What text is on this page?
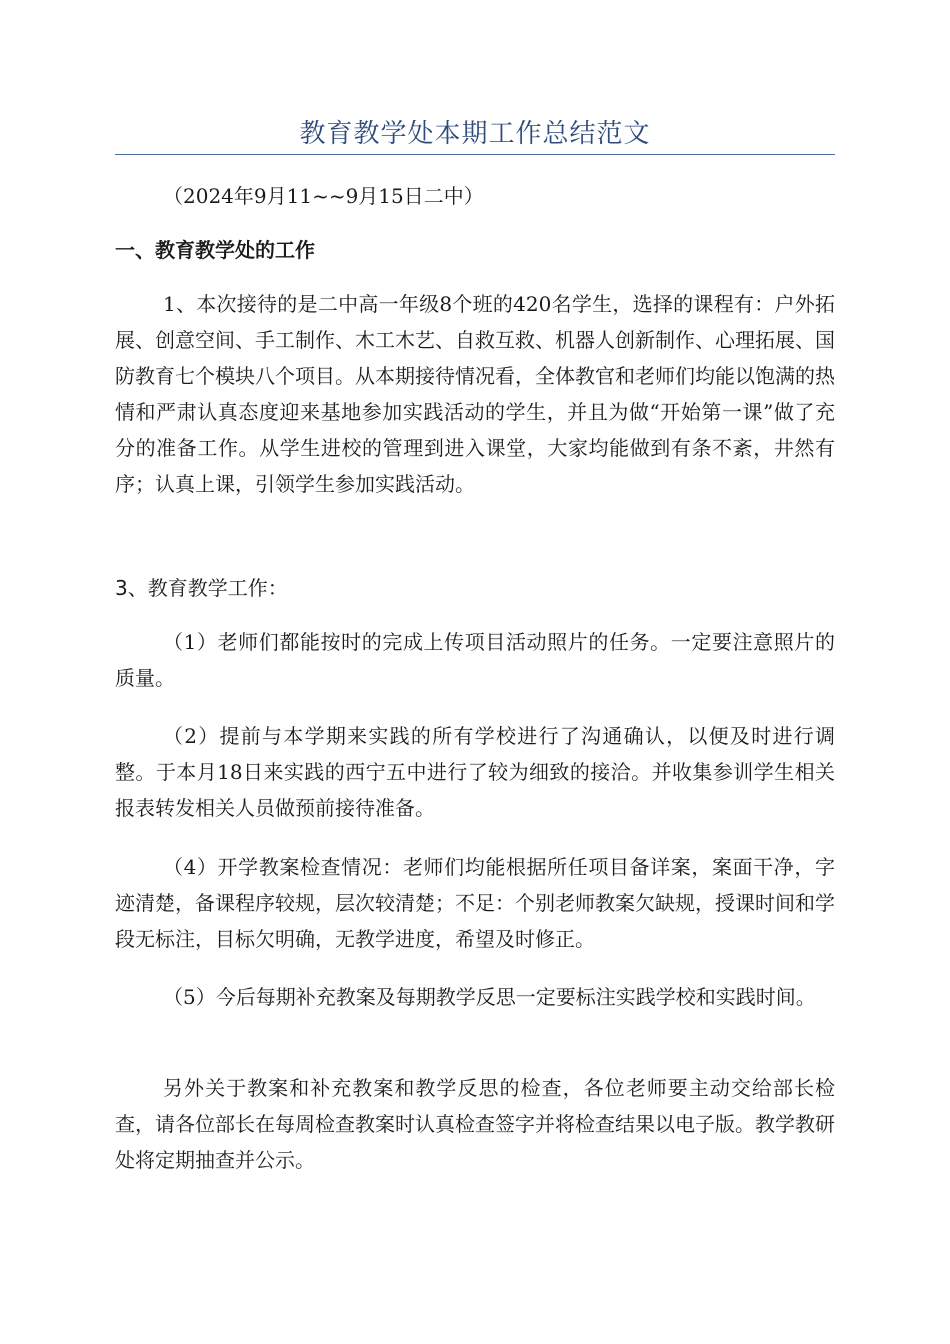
教育教学处本期工作总结范文

（2024年9月11~~9月15日二中）

一、教育教学处的工作

1、本次接待的是二中高一年级8个班的420名学生，选择的课程有：户外拓展、创意空间、手工制作、木工木艺、自救互救、机器人创新制作、心理拓展、国防教育七个模块八个项目。从本期接待情况看，全体教官和老师们均能以饱满的热情和严肃认真态度迎来基地参加实践活动的学生，并且为做“开始第一课”做了充分的准备工作。从学生进校的管理到进入课堂，大家均能做到有条不紊，井然有序；认真上课，引领学生参加实践活动。

3、教育教学工作：

（1）老师们都能按时的完成上传项目活动照片的任务。一定要注意照片的质量。

（2）提前与本学期来实践的所有学校进行了沟通确认，以便及时进行调整。于本月18日来实践的西宁五中进行了较为细致的接洽。并收集参训学生相关报表转发相关人员做预前接待准备。

（4）开学教案检查情况：老师们均能根据所任项目备详案，案面干净，字迹清楚，备课程序较规，层次较清楚；不足：个别老师教案欠缺规，授课时间和学段无标注，目标欠明确，无教学进度，希望及时修正。

（5）今后每期补充教案及每期教学反思一定要标注实践学校和实践时间。

另外关于教案和补充教案和教学反思的检查，各位老师要主动交给部长检查，请各位部长在每周检查教案时认真检查签字并将检查结果以电子版。教学教研处将定期抽查并公示。
